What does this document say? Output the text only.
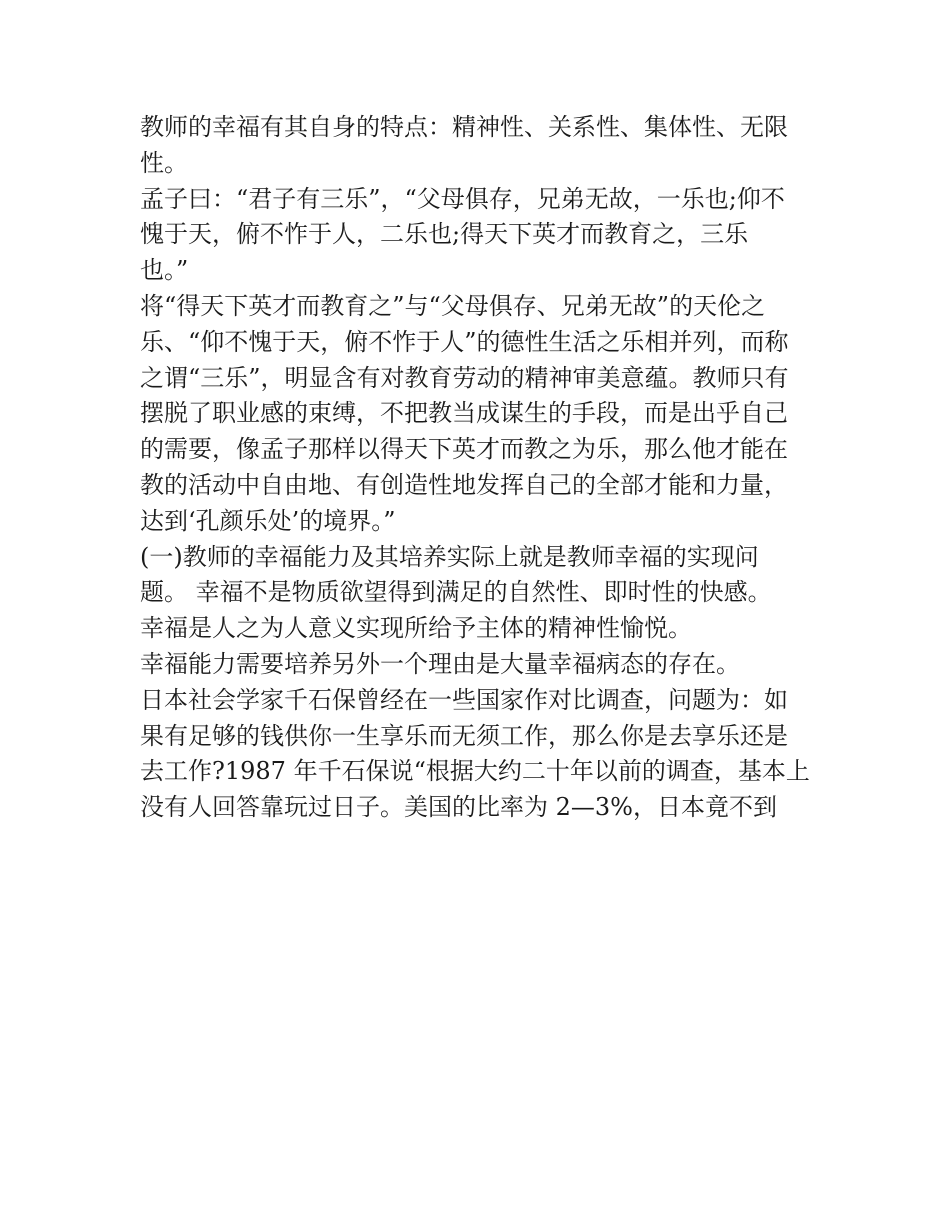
教师的幸福有其自身的特点：精神性、关系性、集体性、无限
性。

孟子曰：“君子有三乐”，“父母俱存，兄弟无故，一乐也;仰不
愧于天，俯不怍于人，二乐也;得天下英才而教育之，三乐
也。”

将“得天下英才而教育之”与“父母俱存、兄弟无故”的天伦之
乐、“仰不愧于天，俯不怍于人”的德性生活之乐相并列，而称
之谓“三乐”，明显含有对教育劳动的精神审美意蕴。教师只有
摆脱了职业感的束缚，不把教当成谋生的手段，而是出乎自己
的需要，像孟子那样以得天下英才而教之为乐，那么他才能在
教的活动中自由地、有创造性地发挥自己的全部才能和力量，
达到‘孔颜乐处’的境界。”

(一)教师的幸福能力及其培养实际上就是教师幸福的实现问
题。 幸福不是物质欲望得到满足的自然性、即时性的快感。

幸福是人之为人意义实现所给予主体的精神性愉悦。

幸福能力需要培养另外一个理由是大量幸福病态的存在。

日本社会学家千石保曾经在一些国家作对比调查，问题为：如
果有足够的钱供你一生享乐而无须工作，那么你是去享乐还是
去工作?1987 年千石保说“根据大约二十年以前的调查，基本上
没有人回答靠玩过日子。美国的比率为 2—3%，日本竟不到
